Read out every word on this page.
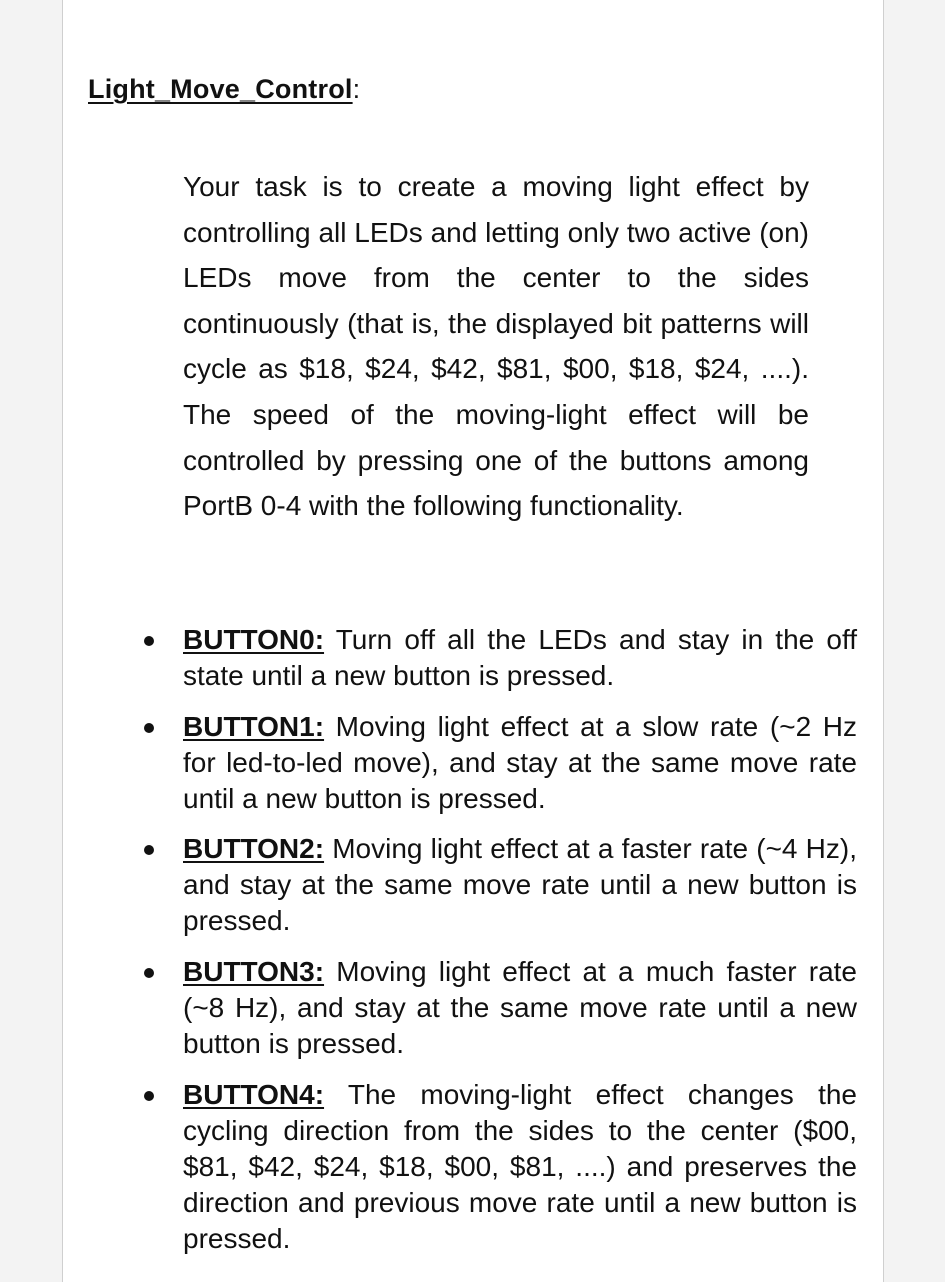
Light_Move_Control:

Your task is to create a moving light effect by controlling all LEDs and letting only two active (on) LEDs move from the center to the sides continuously (that is, the displayed bit patterns will cycle as $18, $24, $42, $81, $00, $18, $24, ....). The speed of the moving-light effect will be controlled by pressing one of the buttons among PortB 0-4 with the following functionality.

BUTTON0: Turn off all the LEDs and stay in the off state until a new button is pressed.
BUTTON1: Moving light effect at a slow rate (~2 Hz for led-to-led move), and stay at the same move rate until a new button is pressed.
BUTTON2: Moving light effect at a faster rate (~4 Hz), and stay at the same move rate until a new button is pressed.
BUTTON3: Moving light effect at a much faster rate (~8 Hz), and stay at the same move rate until a new button is pressed.
BUTTON4: The moving-light effect changes the cycling direction from the sides to the center ($00, $81, $42, $24, $18, $00, $81, ....) and preserves the direction and previous move rate until a new button is pressed.
